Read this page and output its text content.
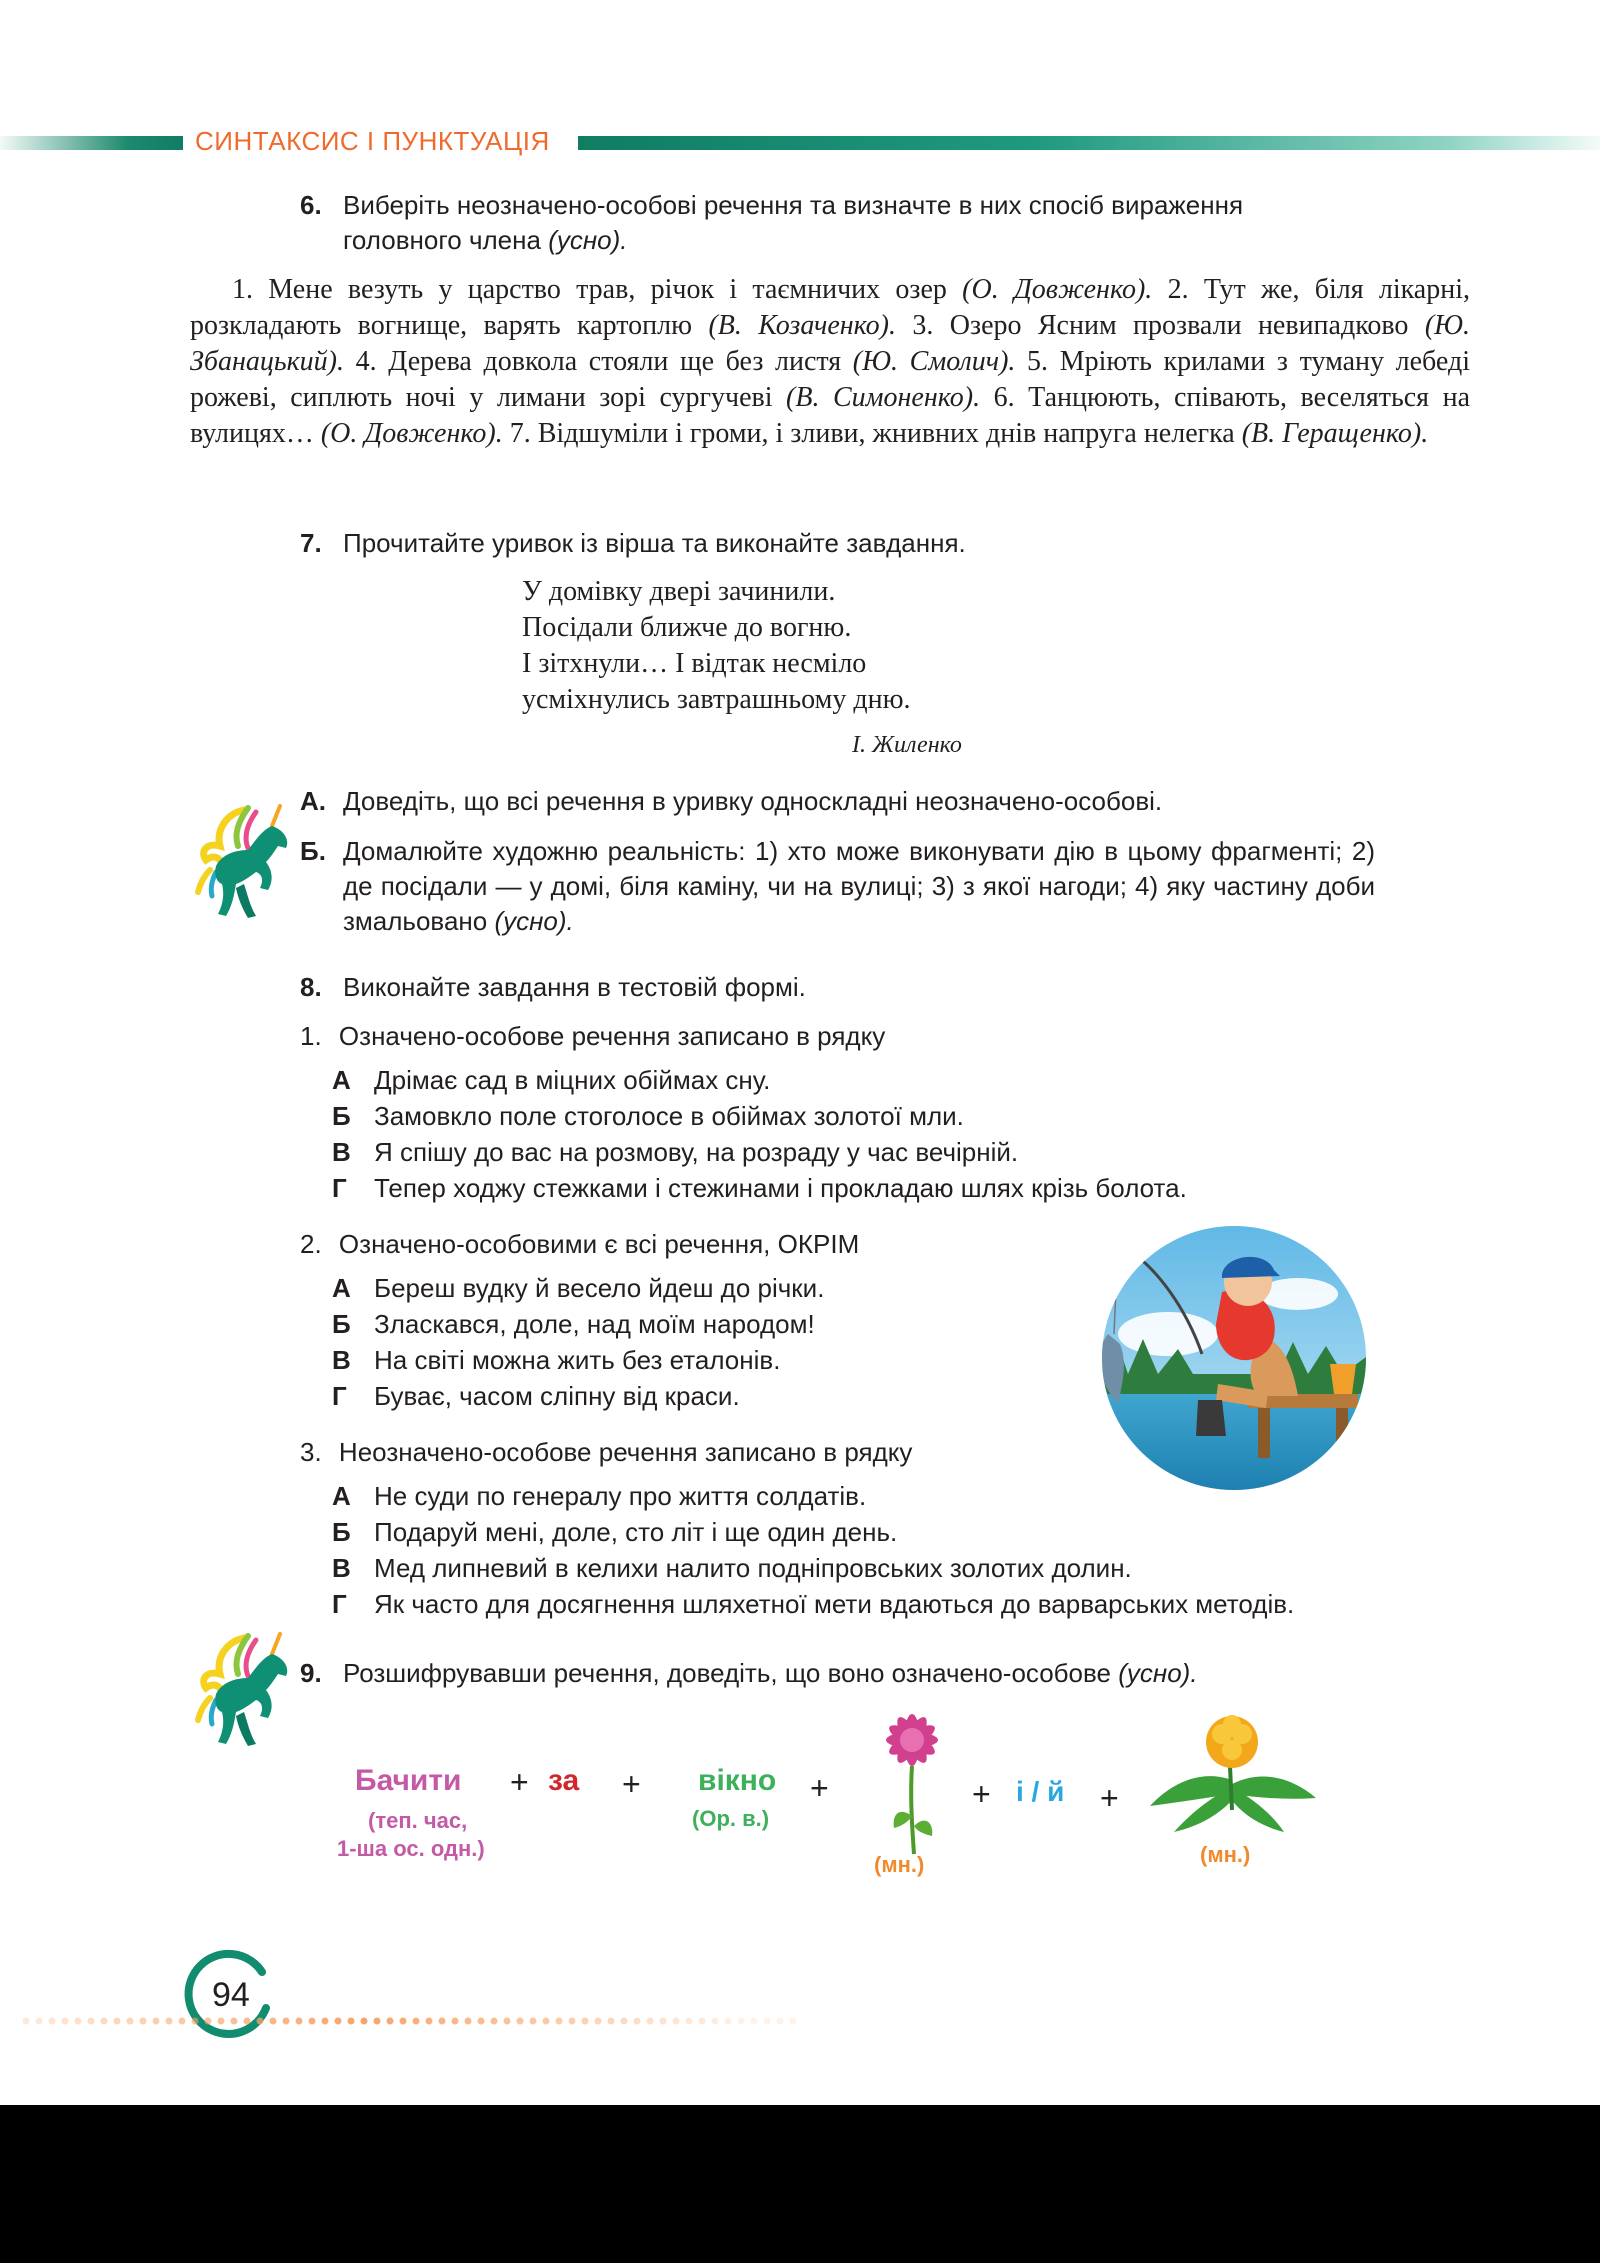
СИНТАКСИС І ПУНКТУАЦІЯ
6. Виберіть неозначено-особові речення та визначте в них спосіб вираження головного члена (усно).
1. Мене везуть у царство трав, річок і таємничих озер (О. Довженко). 2. Тут же, біля лікарні, розкладають вогнище, варять картоплю (В. Козаченко). 3. Озеро Ясним прозвали невипадково (Ю. Збанацький). 4. Дерева довкола стояли ще без листя (Ю. Смолич). 5. Мріють крилами з туману лебеді рожеві, сиплють ночі у лимани зорі сургучеві (В. Симоненко). 6. Танцюють, співають, веселяться на вулицях… (О. Довженко). 7. Відшуміли і громи, і зливи, жнивних днів напруга нелегка (В. Геращенко).
7. Прочитайте уривок із вірша та виконайте завдання.
У домівку двері зачинили.
Посідали ближче до вогню.
І зітхнули… І відтак несміло
усміхнулись завтрашньому дню.
І. Жиленко
А. Доведіть, що всі речення в уривку односкладні неозначено-особові.
Б. Домалюйте художню реальність: 1) хто може виконувати дію в цьому фрагменті; 2) де посідали — у домі, біля каміну, чи на вулиці; 3) з якої нагоди; 4) яку частину доби змальовано (усно).
8. Виконайте завдання в тестовій формі.
1. Означено-особове речення записано в рядку
А Дрімає сад в міцних обіймах сну.
Б Замовкло поле стоголосе в обіймах золотої мли.
В Я спішу до вас на розмову, на розраду у час вечірній.
Г Тепер ходжу стежками і стежинами і прокладаю шлях крізь болота.
2. Означено-особовими є всі речення, ОКРІМ
А Береш вудку й весело йдеш до річки.
Б Зласкався, доле, над моїм народом!
В На світі можна жить без еталонів.
Г Буває, часом сліпну від краси.
3. Неозначено-особове речення записано в рядку
А Не суди по генералу про життя солдатів.
Б Подаруй мені, доле, сто літ і ще один день.
В Мед липневий в келихи налито подніпровських золотих долин.
Г Як часто для досягнення шляхетної мети вдаються до варварських методів.
9. Розшифрувавши речення, доведіть, що воно означено-особове (усно).
Бачити
(теп. час,
1-ша ос. одн.)
+ за + вікно
(Ор. в.)
+
(мн.)
+ і / й +
(мн.)
94
